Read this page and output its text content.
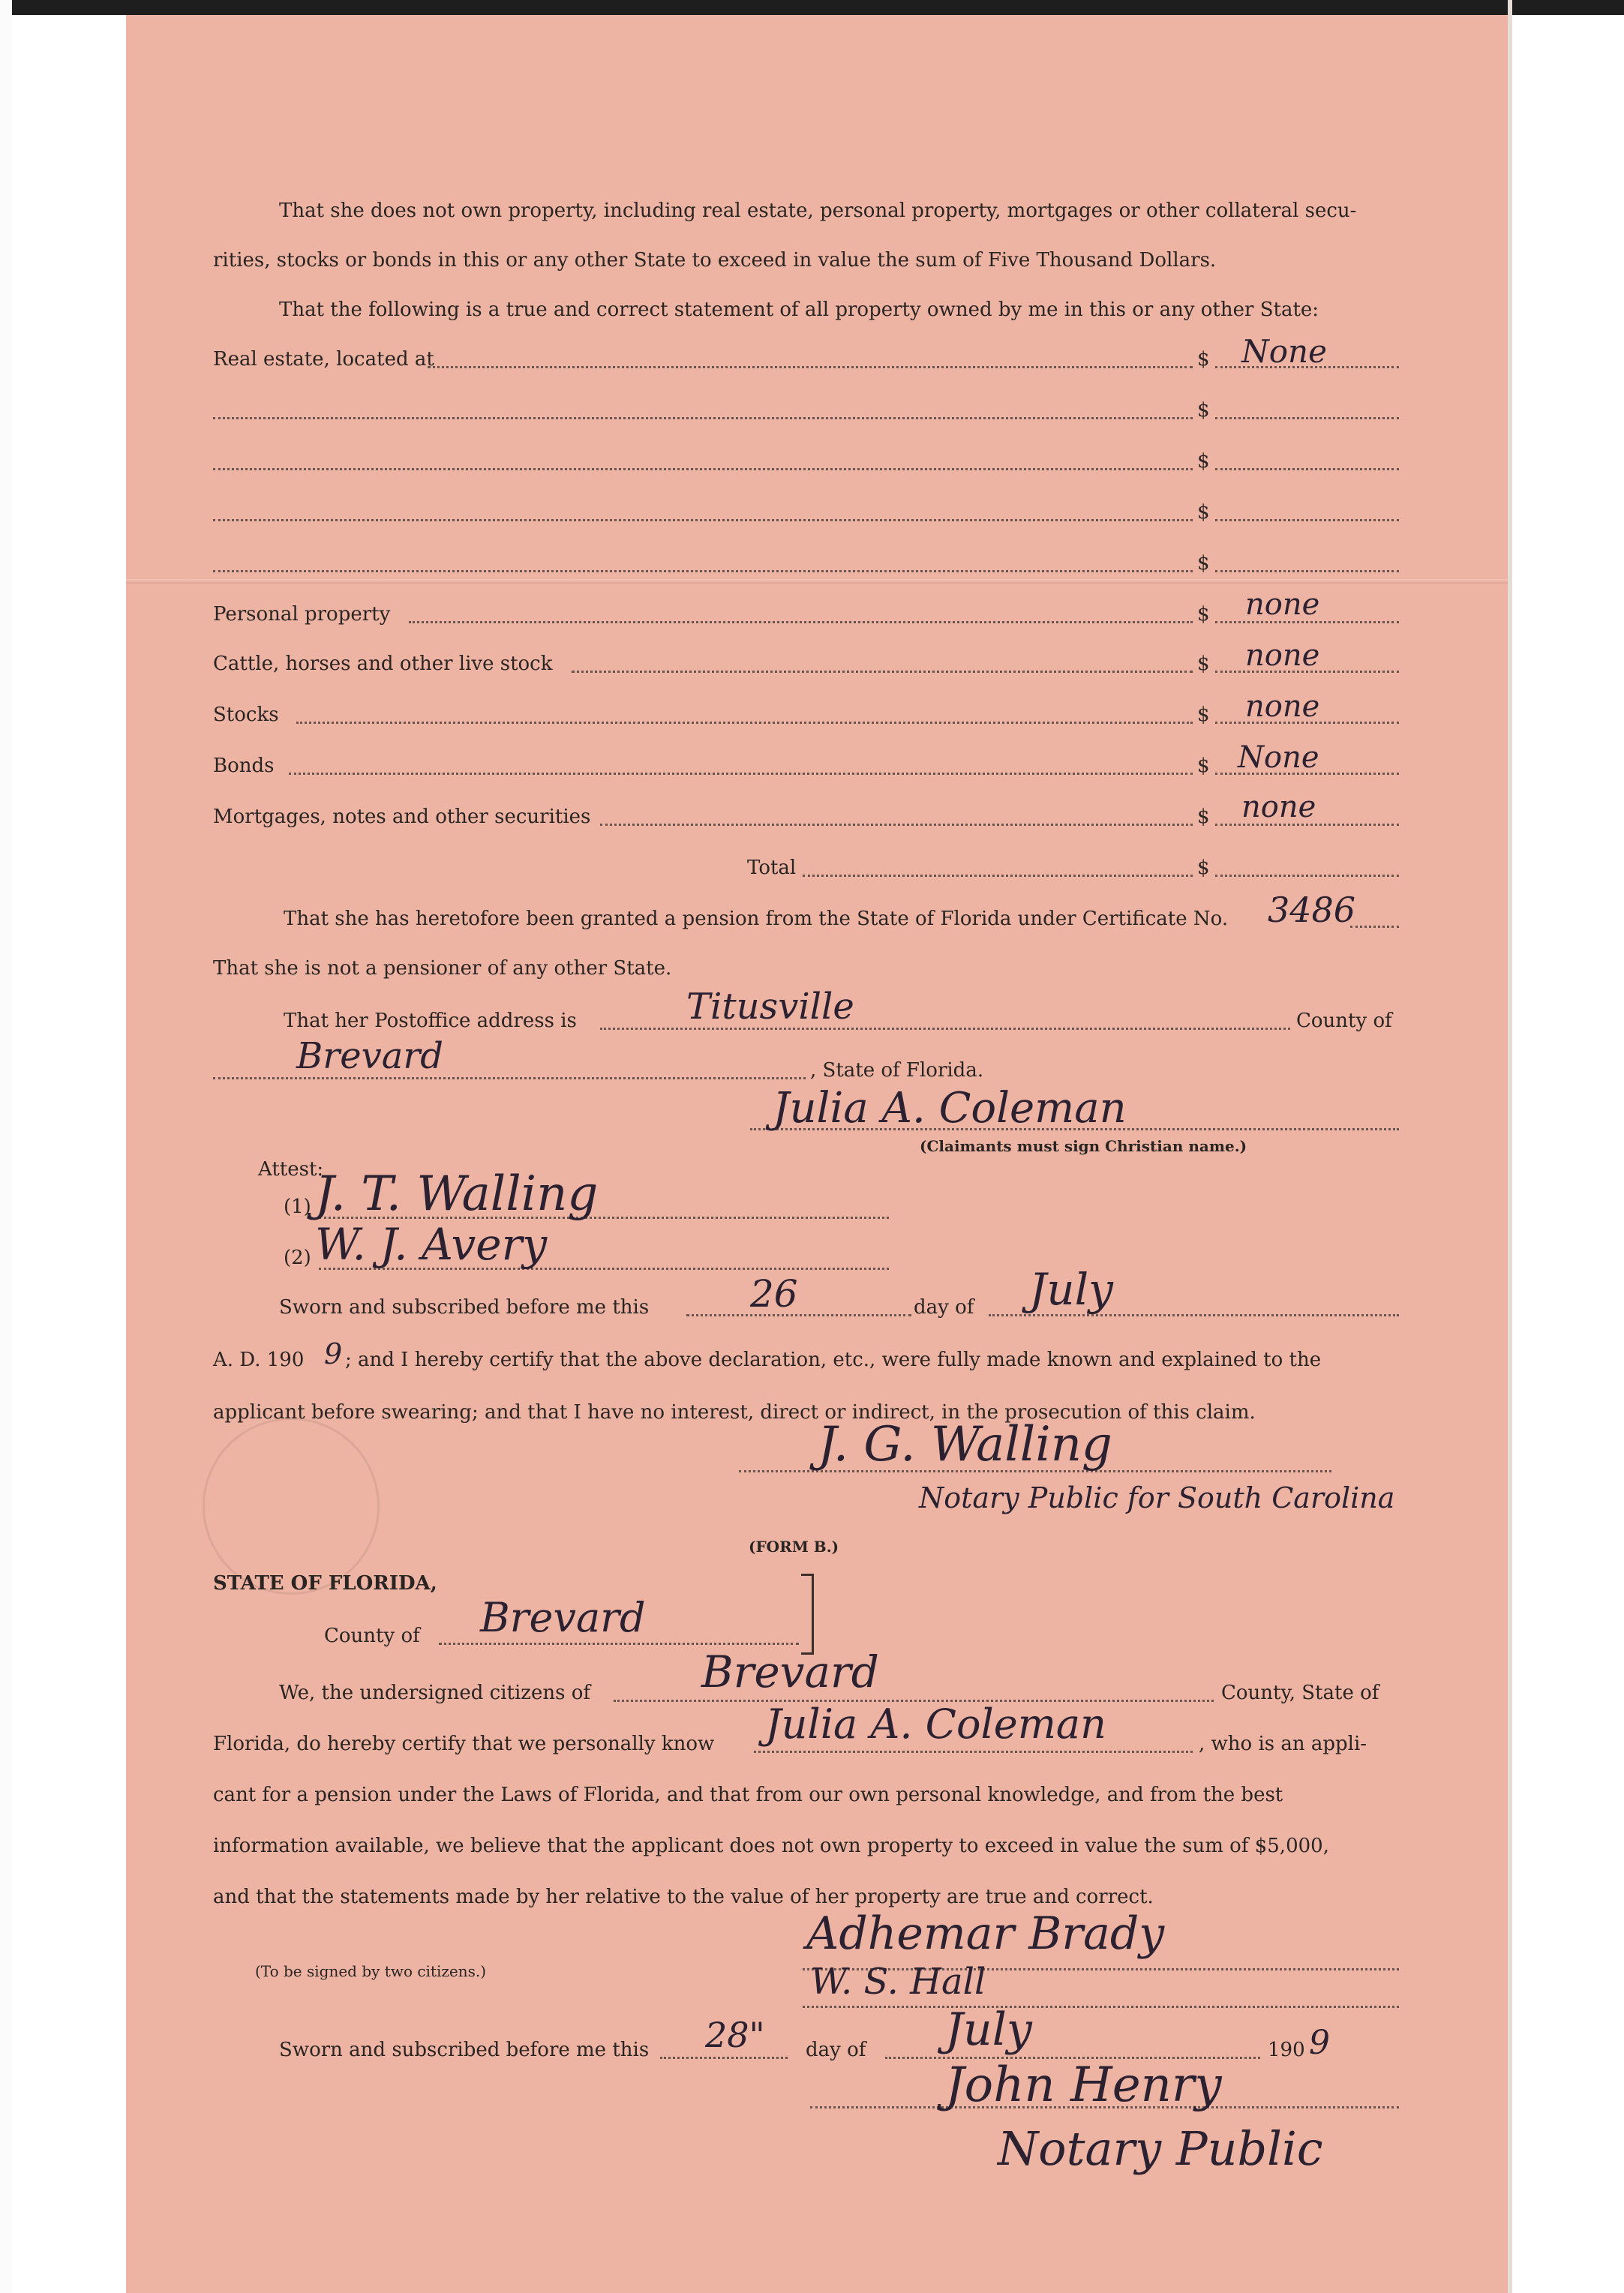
That she does not own property, including real estate, personal property, mortgages or other collateral secu-
rities, stocks or bonds in this or any other State to exceed in value the sum of Five Thousand Dollars.
That the following is a true and correct statement of all property owned by me in this or any other State:
Real estate, located at	$ None
$
$
$
$
Personal property	$ none
Cattle, horses and other live stock	$ none
Stocks	$ none
Bonds	$ None
Mortgages, notes and other securities	$ none
Total	$
That she has heretofore been granted a pension from the State of Florida under Certificate No. 3486
That she is not a pensioner of any other State.
That her Postoffice address is	Titusville	County of
Brevard	, State of Florida.
Julia A. Coleman
(Claimants must sign Christian name.)
Attest:
(1) J. T. Walling
(2) W. J. Avery
Sworn and subscribed before me this	26	day of July
A. D. 190 9 ; and I hereby certify that the above declaration, etc., were fully made known and explained to the
applicant before swearing; and that I have no interest, direct or indirect, in the prosecution of this claim.
J. G. Walling
Notary Public for South Carolina
(FORM B.)
STATE OF FLORIDA,
County of Brevard
We, the undersigned citizens of	Brevard	County, State of
Florida, do hereby certify that we personally know Julia A. Coleman	, who is an appli-
cant for a pension under the Laws of Florida, and that from our own personal knowledge, and from the best
information available, we believe that the applicant does not own property to exceed in value the sum of $5,000,
and that the statements made by her relative to the value of her property are true and correct.
Adhemar Brady
(To be signed by two citizens.)	W. S. Hall
Sworn and subscribed before me this 28" day of July	190 9
John Henry
Notary Public
